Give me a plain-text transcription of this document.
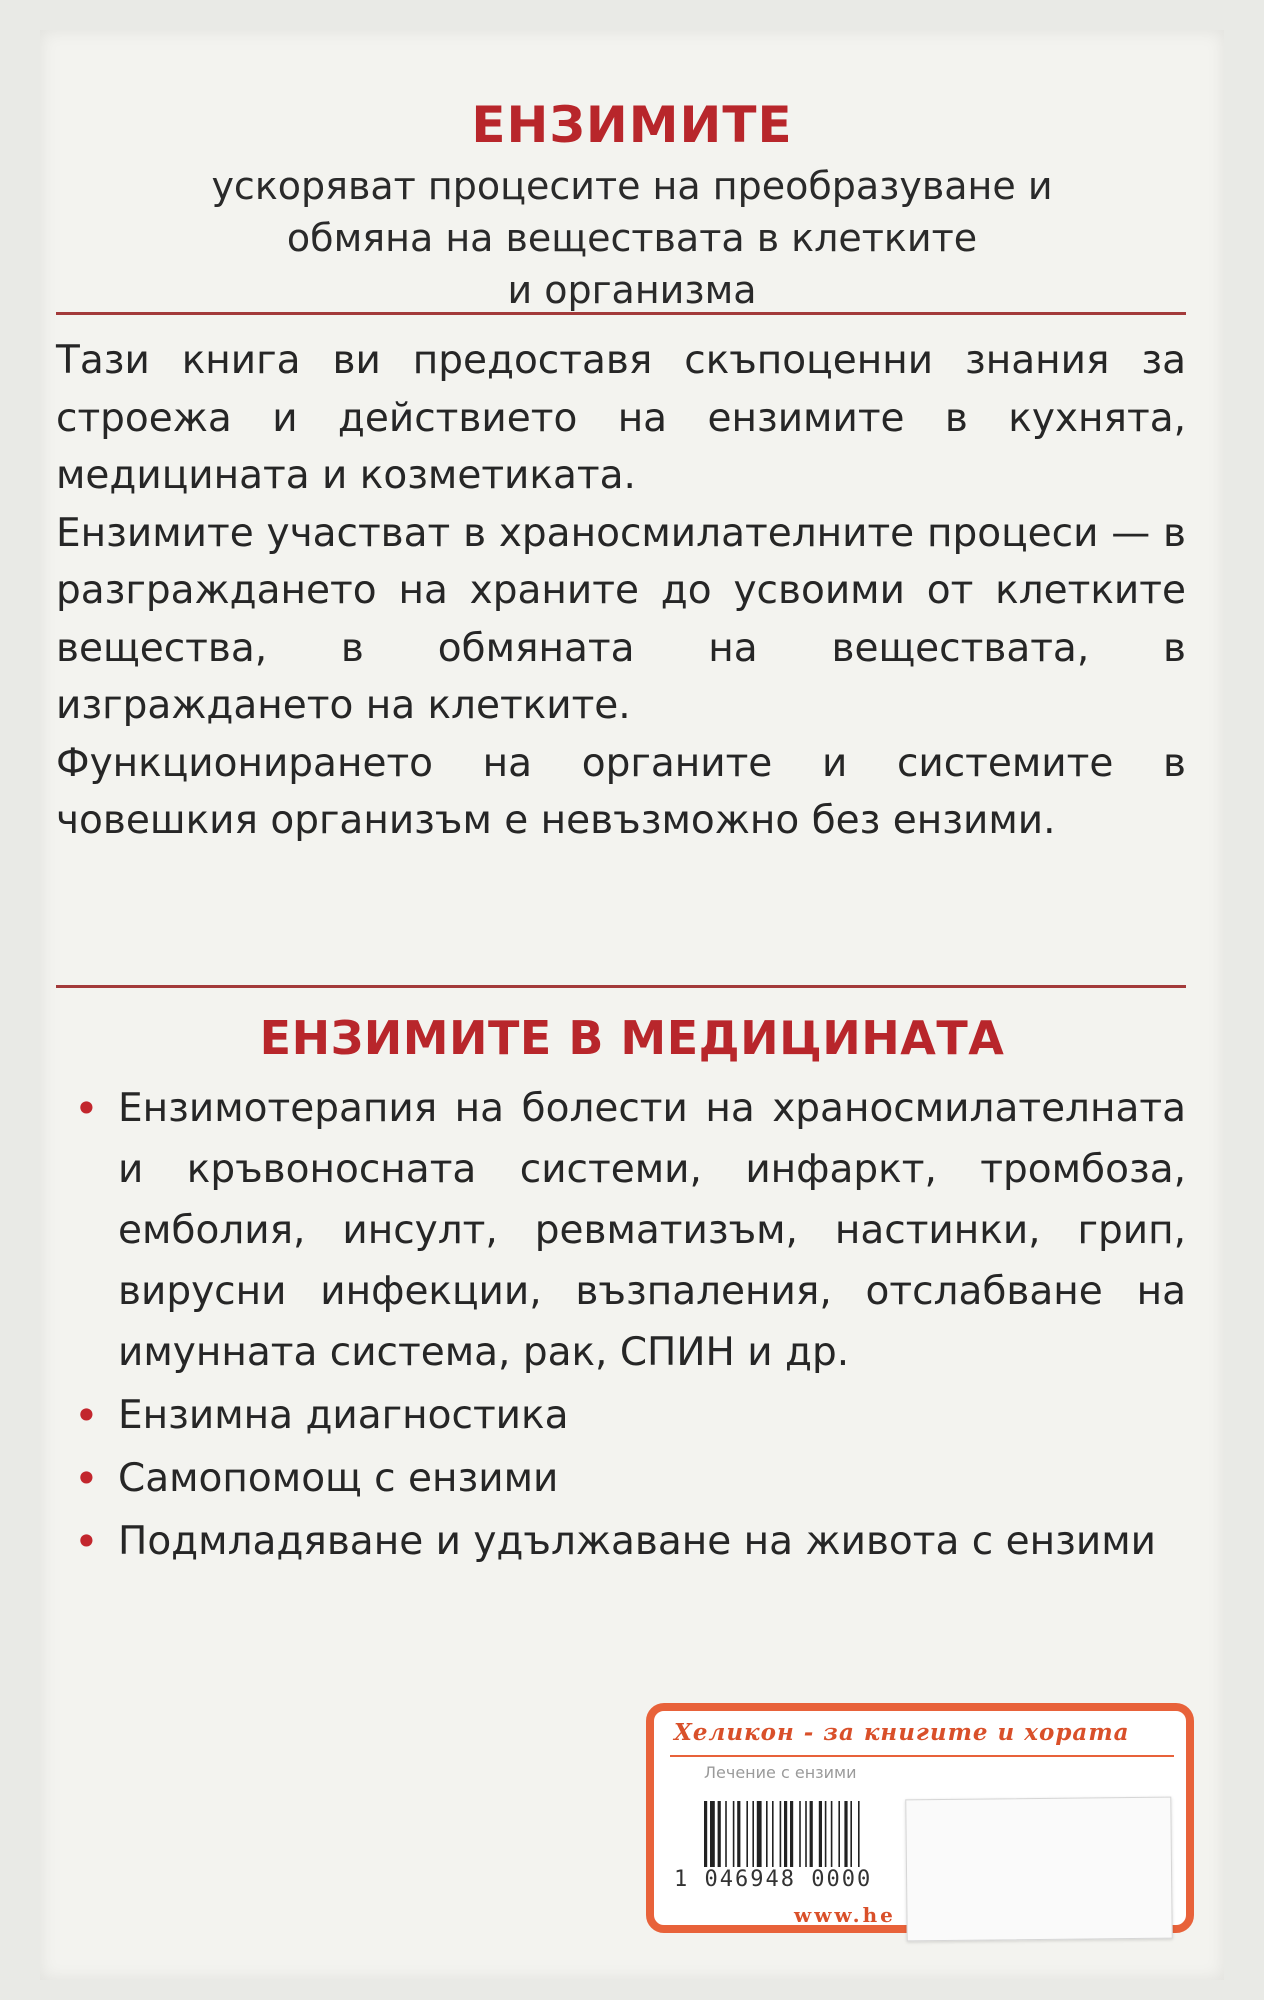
ЕНЗИМИТЕ
ускоряват процесите на преобразуване и
обмяна на веществата в клетките
и организма

Тази книга ви предоставя скъпоценни знания за строежа и действието на ензимите в кухнята, медицината и козметиката.

Ензимите участват в храносмилателните процеси — в разграждането на храните до усвоими от клетките вещества, в обмяната на веществата, в изграждането на клетките.

Функционирането на органите и системите в човешкия организъм е невъзможно без ензими.

ЕНЗИМИТЕ В МЕДИЦИНАТА
• Ензимотерапия на болести на храносмилателната и кръвоносната системи, инфаркт, тромбоза, емболия, инсулт, ревматизъм, настинки, грип, вирусни инфекции, възпаления, отслабване на имунната система, рак, СПИН и др.
• Ензимна диагностика
• Самопомощ с ензими
• Подмладяване и удължаване на живота с ензими
Хеликон - за книгите и хората
Лечение с ензими
1 046948 0000
www.he
